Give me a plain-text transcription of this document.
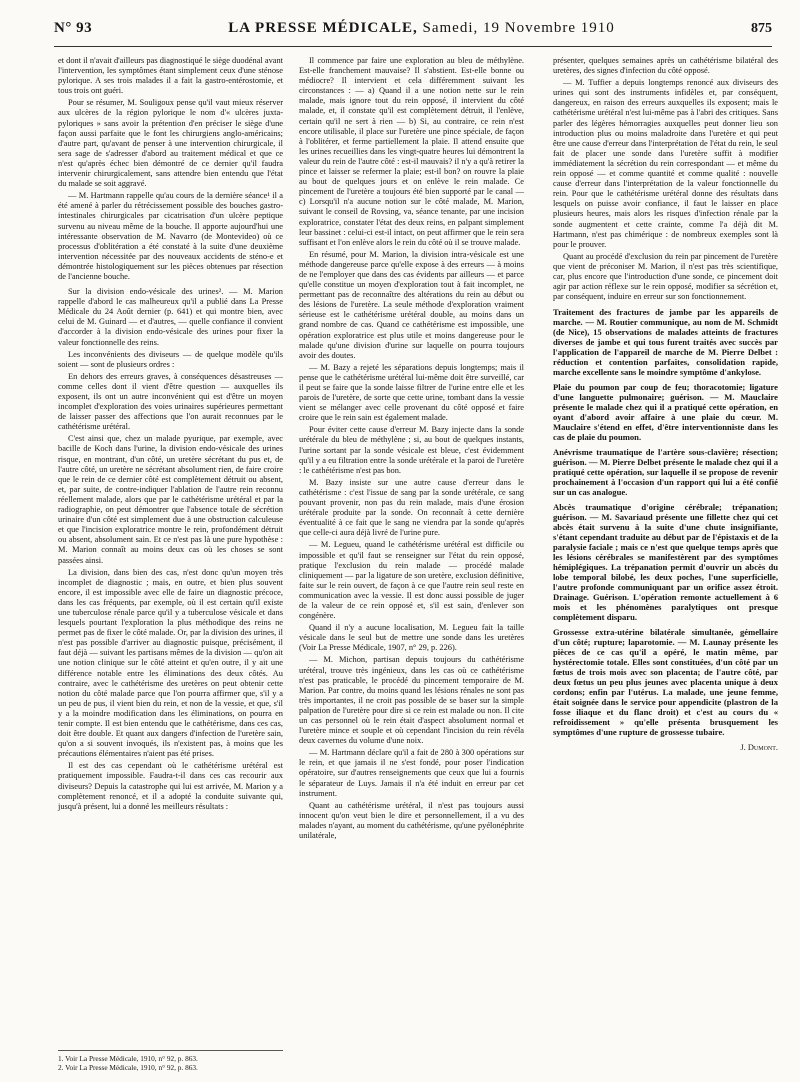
N° 93	LA PRESSE MÉDICALE, Samedi, 19 Novembre 1910	875

et dont il n'avait d'ailleurs pas diagnostiqué le siège duodénal avant l'intervention, les symptômes étant simplement ceux d'une sténose pylorique. A ses trois malades il a fait la gastro-entérostomie, et tous trois ont guéri.

Pour se résumer, M. Souligoux pense qu'il vaut mieux réserver aux ulcères de la région pylorique le nom d'« ulcères juxta-pyloriques » sans avoir la prétention d'en préciser le siège d'une façon aussi parfaite que le font les chirurgiens anglo-américains; d'autre part, qu'avant de penser à une intervention chirurgicale, il sera sage de s'adresser d'abord au traitement médical et que ce n'est qu'après échec bien démontré de ce dernier qu'il faudra intervenir chirurgicalement, sans attendre bien entendu que l'état du malade se soit aggravé.

— M. Hartmann rappelle qu'au cours de la dernière séance¹ il a été amené à parler du rétrécissement possible des bouches gastro-intestinales chirurgicales par cicatrisation d'un ulcère peptique survenu au niveau même de la bouche. Il apporte aujourd'hui une intéressante observation de M. Navarro (de Montevideo) où ce processus d'oblitération a été constaté à la suite d'une deuxième intervention nécessitée par des nouveaux accidents de sténo-e et démontrée histologiquement sur les pièces obtenues par résection de l'ancienne bouche.

Sur la division endo-vésicale des urines². — M. Marion rappelle d'abord le cas malheureux qu'il a publié dans La Presse Médicale du 24 Août dernier (p. 641) et qui montre bien, avec celui de M. Guinard — et d'autres, — quelle confiance il convient d'accorder à la division endo-vésicale des urines pour fixer la valeur fonctionnelle des reins.

Les inconvénients des diviseurs — de quelque modèle qu'ils soient — sont de plusieurs ordres :

En dehors des erreurs graves, à conséquences désastreuses — comme celles dont il vient d'être question — auxquelles ils exposent, ils ont un autre inconvénient qui est d'être un moyen incomplet d'exploration des voies urinaires supérieures permettant de laisser passer des affections que l'on aurait reconnues par le cathétérisme urétéral.

C'est ainsi que, chez un malade pyurique, par exemple, avec bacille de Koch dans l'urine, la division endo-vésicale des urines risque, en montrant, d'un côté, un uretère sécrétant du pus et, de l'autre côté, un uretère ne sécrétant absolument rien, de faire croire que le rein de ce dernier côté est complètement détruit ou absent, et, par suite, de contre-indiquer l'ablation de l'autre rein reconnu réellement malade, alors que par le cathétérisme urétéral et par la radiographie, on peut démontrer que l'absence totale de sécrétion urinaire d'un côté est simplement due à une obstruction calculeuse et que l'incision exploratrice montre le rein, profondément détruit ou absent, absolument sain. Et ce n'est pas là une pure hypothèse : M. Marion connaît au moins deux cas où les choses se sont passées ainsi.

La division, dans bien des cas, n'est donc qu'un moyen très incomplet de diagnostic ; mais, en outre, et bien plus souvent encore, il est impossible avec elle de faire un diagnostic précoce, dans les cas fréquents, par exemple, où il est certain qu'il existe une tuberculose rénale parce qu'il y a tuberculose vésicale et dans lesquels pourtant l'exploration la plus méthodique des reins ne permet pas de fixer le côté malade. Or, par la division des urines, il n'est pas possible d'arriver au diagnostic puisque, précisément, il faut déjà — suivant les partisans mêmes de la division — qu'on ait une notion clinique sur le côté atteint et qu'en outre, il y ait une différence notable entre les éliminations des deux côtés. Au contraire, avec le cathétérisme des uretères on peut obtenir cette notion du côté malade parce que l'on pourra affirmer que, s'il y a un peu de pus, il vient bien du rein, et non de la vessie, et que, s'il y a la moindre modification dans les éliminations, on pourra en tenir compte. Il est bien entendu que le cathétérisme, dans ces cas, doit être double. Et quant aux dangers d'infection de l'uretère sain, qu'on a si souvent invoqués, ils n'existent pas, à moins que les précautions élémentaires n'aient pas été prises.

Il est des cas cependant où le cathétérisme urétéral est pratiquement impossible. Faudra-t-il dans ces cas recourir aux diviseurs? Depuis la catastrophe qui lui est arrivée, M. Marion y a complètement renoncé, et il a adopté la conduite suivante qui, jusqu'à présent, lui a donné les meilleurs résultats :

Il commence par faire une exploration au bleu de méthylène. Est-elle franchement mauvaise? Il s'abstient. Est-elle bonne ou médiocre? Il intervient et cela différemment suivant les circonstances : — a) Quand il a une notion nette sur le rein malade, mais ignore tout du rein opposé, il intervient du côté malade, et, il constate qu'il est complètement détruit, il l'enlève, certain qu'il ne sert à rien — b) Si, au contraire, ce rein n'est encore utilisable, il place sur l'uretère une pince spéciale, de façon à l'oblitérer, et ferme partiellement la plaie. Il attend ensuite que les urines recueillies dans les vingt-quatre heures lui démontrent la valeur du rein de l'autre côté : est-il mauvais? il n'y a qu'à retirer la pince et laisser se refermer la plaie; est-il bon? on rouvre la plaie au bout de quelques jours et on enlève le rein malade. Ce pincement de l'uretère a toujours été bien supporté par le canal — c) Lorsqu'il n'a aucune notion sur le côté malade, M. Marion, suivant le conseil de Rovsing, va, séance tenante, par une incision exploratrice, constater l'état des deux reins, en palpant simplement leur bassinet : celui-ci est-il intact, on peut affirmer que le rein sera suffisant et l'on enlève alors le rein du côté où il se trouve malade.

En résumé, pour M. Marion, la division intra-vésicale est une méthode dangereuse parce qu'elle expose à des erreurs — à moins de ne l'employer que dans des cas évidents par ailleurs — et parce qu'elle constitue un moyen d'exploration tout à fait incomplet, ne permettant pas de reconnaître des altérations du rein au début ou des lésions de l'uretère. La seule méthode d'exploration vraiment sérieuse est le cathétérisme urétéral double, au moins dans un grand nombre de cas. Quand ce cathétérisme est impossible, une opération exploratrice est plus utile et moins dangereuse pour le malade qu'une division d'urine sur laquelle on pourra toujours avoir des doutes.

— M. Bazy a rejeté les séparations depuis longtemps; mais il pense que le cathétérisme urétéral lui-même doit être surveillé, car il peut se faire que la sonde laisse filtrer de l'urine entre elle et les parois de l'uretère, de sorte que cette urine, tombant dans la vessie vient se mélanger avec celle provenant du côté opposé et faire croire que le rein sain est également malade.

Pour éviter cette cause d'erreur M. Bazy injecte dans la sonde urétérale du bleu de méthylène ; si, au bout de quelques instants, l'urine sortant par la sonde vésicale est bleue, c'est évidemment qu'il y a eu filtration entre la sonde urétérale et la paroi de l'uretère : le cathétérisme n'est pas bon.

M. Bazy insiste sur une autre cause d'erreur dans le cathétérisme : c'est l'issue de sang par la sonde urétérale, ce sang pouvant provenir, non pas du rein malade, mais d'une érosion urétérale produite par la sonde. On reconnaît à cette dernière éventualité à ce fait que le sang ne viendra par la sonde qu'après que celle-ci aura déjà livré de l'urine pure.

— M. Legueu, quand le cathétérisme urétéral est difficile ou impossible et qu'il faut se renseigner sur l'état du rein opposé, pratique l'exclusion du rein malade — procédé malade cliniquement — par la ligature de son uretère, exclusion définitive, faite sur le rein ouvert, de façon à ce que l'autre rein seul reste en communication avec la vessie. Il est donc aussi possible de juger de la valeur de ce rein opposé et, s'il est sain, d'enlever son congénère.

Quand il n'y a aucune localisation, M. Legueu fait la taille vésicale dans le seul but de mettre une sonde dans les uretères (Voir La Presse Médicale, 1907, n° 29, p. 226).

— M. Michon, partisan depuis toujours du cathétérisme urétéral, trouve très ingénieux, dans les cas où ce cathétérisme n'est pas praticable, le procédé du pincement temporaire de M. Marion. Par contre, du moins quand les lésions rénales ne sont pas très importantes, il ne croit pas possible de se baser sur la simple palpation de l'uretère pour dire si ce rein est malade ou non. Il cite un cas personnel où le rein était d'aspect absolument normal et l'uretère mince et souple et où cependant l'incision du rein révéla deux cavernes du volume d'une noix.

— M. Hartmann déclare qu'il a fait de 280 à 300 opérations sur le rein, et que jamais il ne s'est fondé, pour poser l'indication opératoire, sur d'autres renseignements que ceux que lui a fournis le séparateur de Luys. Jamais il n'a été induit en erreur par cet instrument.

Quant au cathétérisme urétéral, il n'est pas toujours aussi innocent qu'on veut bien le dire et personnellement, il a vu des malades n'ayant, au moment du cathétérisme, qu'une pyélonéphrite unilatérale,

présenter, quelques semaines après un cathétérisme bilatéral des uretères, des signes d'infection du côté opposé.

— M. Tuffier a depuis longtemps renoncé aux diviseurs des urines qui sont des instruments infidèles et, par conséquent, dangereux, en raison des erreurs auxquelles ils exposent; mais le cathétérisme urétéral n'est lui-même pas à l'abri des critiques. Sans parler des légères hémorragies auxquelles peut donner lieu son introduction plus ou moins maladroite dans l'uretère et qui peut être une cause d'erreur dans l'interprétation de l'état du rein, le seul fait de placer une sonde dans l'uretère suffit à modifier immédiatement la sécrétion du rein correspondant — et même du rein opposé — et comme quantité et comme qualité : nouvelle cause d'erreur dans l'interprétation de la valeur fonctionnelle du rein. Pour que le cathétérisme urétéral donne des résultats dans lesquels on puisse avoir confiance, il faut le laisser en place plusieurs heures, mais alors les risques d'infection rénale par la sonde augmentent et cette crainte, comme l'a déjà dit M. Hartmann, n'est pas chimérique : de nombreux exemples sont là pour le prouver.

Quant au procédé d'exclusion du rein par pincement de l'uretère que vient de préconiser M. Marion, il n'est pas très scientifique, car, plus encore que l'introduction d'une sonde, ce pincement doit agir par action réflexe sur le rein opposé, modifier sa sécrétion et, par conséquent, induire en erreur sur son fonctionnement.

Traitement des fractures de jambe par les appareils de marche. — M. Routier communique, au nom de M. Schmidt (de Nice), 15 observations de malades atteints de fractures diverses de jambe et qui tous furent traités avec succès par l'application de l'appareil de marche de M. Pierre Delbet : réduction et contention parfaites, consolidation rapide, marche excellente sans le moindre symptôme d'ankylose.

Plaie du poumon par coup de feu; thoracotomie; ligature d'une languette pulmonaire; guérison. — M. Mauclaire présente le malade chez qui il a pratiqué cette opération, en oyant d'abord avoir affaire à une plaie du cœur. M. Mauclaire s'étend en effet, d'être interventionniste dans les cas de plaie du poumon.

Anévrisme traumatique de l'artère sous-clavière; résection; guérison. — M. Pierre Delbet présente le malade chez qui il a pratiqué cette opération, sur laquelle il se propose de revenir prochainement à l'occasion d'un rapport qui lui a été confié sur un cas analogue.

Abcès traumatique d'origine cérébrale; trépanation; guérison. — M. Savariaud présente une fillette chez qui cet abcès était survenu à la suite d'une chute insignifiante, s'étant cependant traduite au début par de l'épistaxis et de la paralysie faciale ; mais ce n'est que quelque temps après que les lésions cérébrales se manifestèrent par des symptômes hémiplégiques. La trépanation permit d'ouvrir un abcès du lobe temporal bilobé, les deux poches, l'une superficielle, l'autre profonde communiquant par un orifice assez étroit. Drainage. Guérison. L'opération remonte actuellement à 6 mois et les phénomènes paralytiques ont presque complètement disparu.

Grossesse extra-utérine bilatérale simultanée, gémellaire d'un côté; rupture; laparotomie. — M. Launay présente les pièces de ce cas qu'il a opéré, le matin même, par hystérectomie totale. Elles sont constituées, d'un côté par un fœtus de trois mois avec son placenta; de l'autre côté, par deux fœtus un peu plus jeunes avec placenta unique à deux cordons; enfin par l'utérus. La malade, une jeune femme, était soignée dans le service pour appendicite (plastron de la fosse iliaque et du flanc droit) et c'est au cours du « refroidissement » qu'elle présenta brusquement les symptômes d'une rupture de grossesse tubaire.

J. Dumont.
1. Voir La Presse Médicale, 1910, n° 92, p. 863.
2. Voir La Presse Médicale, 1910, n° 92, p. 863.
